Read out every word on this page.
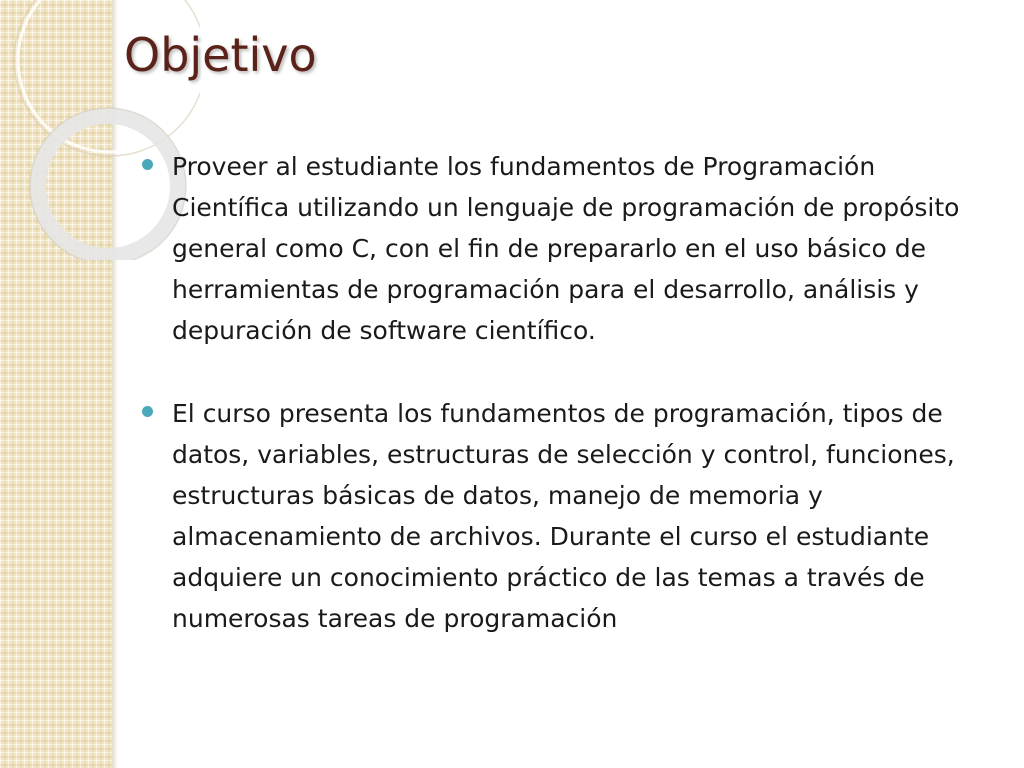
Objetivo
Proveer al estudiante los fundamentos de Programación Científica utilizando un lenguaje de programación de propósito general como C, con el fin de prepararlo en el uso básico de herramientas de programación para el desarrollo, análisis y depuración de software científico.
El curso presenta los fundamentos de programación, tipos de datos, variables, estructuras de selección y control, funciones, estructuras básicas de datos, manejo de memoria y almacenamiento de archivos. Durante el curso el estudiante adquiere un conocimiento práctico de las temas a través de numerosas tareas de programación
